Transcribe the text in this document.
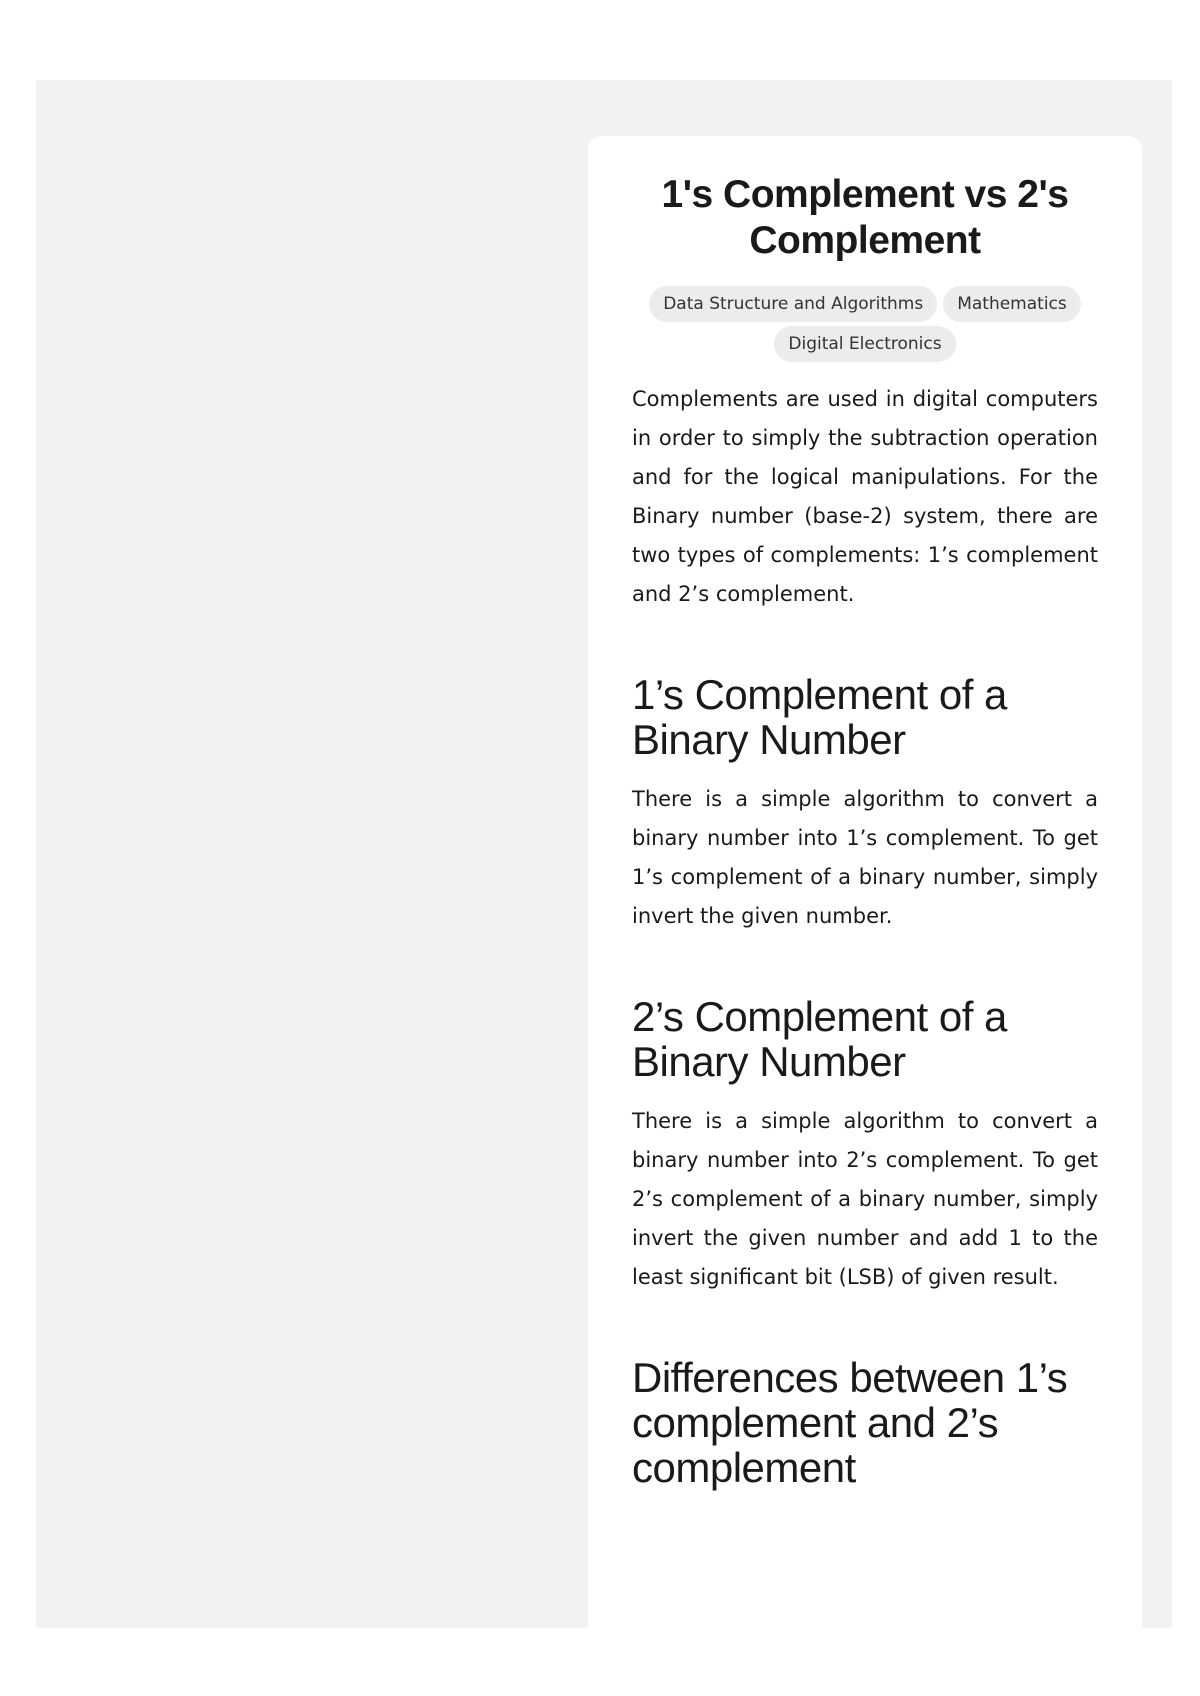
1's Complement vs 2's Complement
Data Structure and Algorithms Mathematics Digital Electronics

Complements are used in digital computers in order to simply the subtraction operation and for the logical manipulations. For the Binary number (base-2) system, there are two types of complements: 1’s complement and 2’s complement.

1’s Complement of a Binary Number

There is a simple algorithm to convert a binary number into 1’s complement. To get 1’s complement of a binary number, simply invert the given number.

2’s Complement of a Binary Number

There is a simple algorithm to convert a binary number into 2’s complement. To get 2’s complement of a binary number, simply invert the given number and add 1 to the least significant bit (LSB) of given result.

Differences between 1’s complement and 2’s complement
